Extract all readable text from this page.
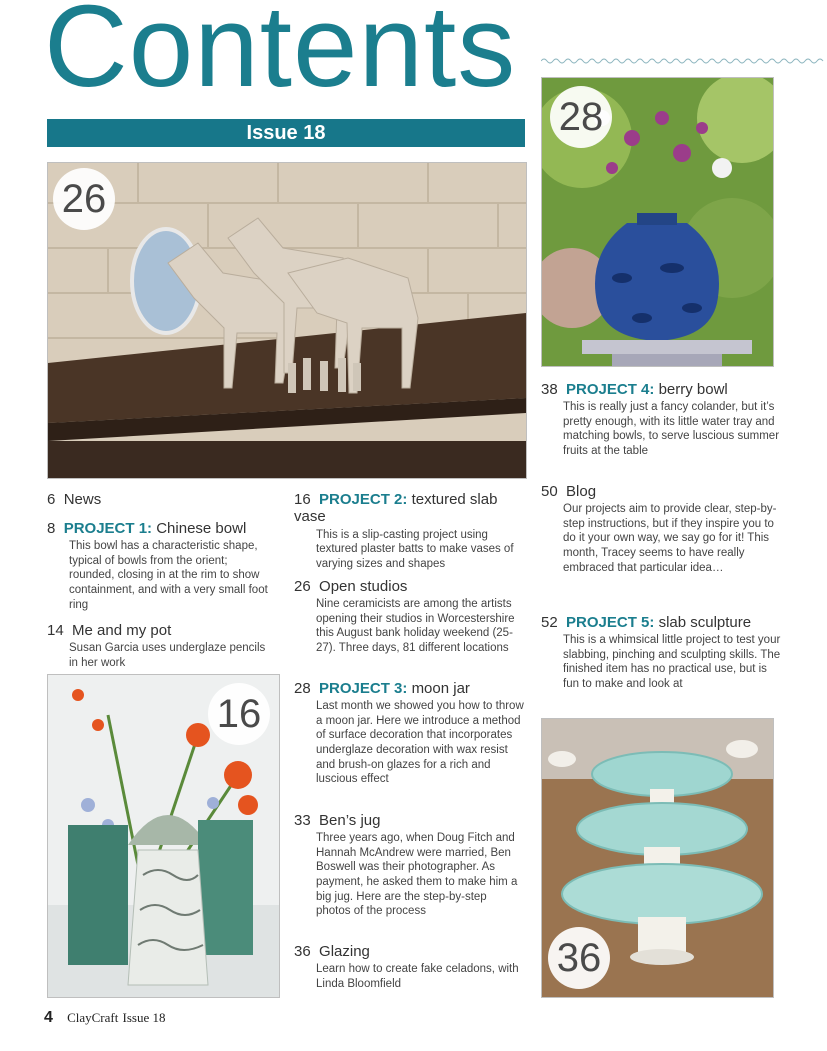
Contents
Issue 18
26
28
16
36
6 News
8 PROJECT 1: Chinese bowl
This bowl has a characteristic shape, typical of bowls from the orient; rounded, closing in at the rim to show containment, and with a very small foot ring
14 Me and my pot
Susan Garcia uses underglaze pencils in her work
16 PROJECT 2: textured slab vase
This is a slip-casting project using textured plaster batts to make vases of varying sizes and shapes
26 Open studios
Nine ceramicists are among the artists opening their studios in Worcestershire this August bank holiday weekend (25-27). Three days, 81 different locations
28 PROJECT 3: moon jar
Last month we showed you how to throw a moon jar. Here we introduce a method of surface decoration that incorporates underglaze decoration with wax resist and brush-on glazes for a rich and luscious effect
33 Ben’s jug
Three years ago, when Doug Fitch and Hannah McAndrew were married, Ben Boswell was their photographer. As payment, he asked them to make him a big jug. Here are the step-by-step photos of the process
36 Glazing
Learn how to create fake celadons, with Linda Bloomfield
38 PROJECT 4: berry bowl
This is really just a fancy colander, but it’s pretty enough, with its little water tray and matching bowls, to serve luscious summer fruits at the table
50 Blog
Our projects aim to provide clear, step-by-step instructions, but if they inspire you to do it your own way, we say go for it! This month, Tracey seems to have really embraced that particular idea…
52 PROJECT 5: slab sculpture
This is a whimsical little project to test your slabbing, pinching and sculpting skills. The finished item has no practical use, but is fun to make and look at
4 ClayCraft Issue 18
